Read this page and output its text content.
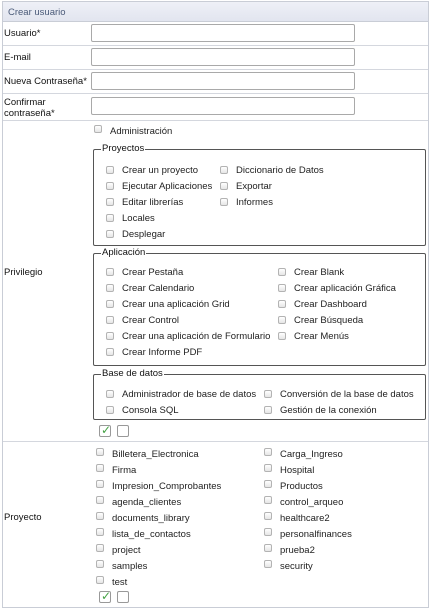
Crear usuario
Usuario*
E-mail
Nueva Contraseña*
Confirmar
contraseña*
Privilegio
Administración
Proyectos
Crear un proyecto
Ejecutar Aplicaciones
Editar librerías
Locales
Desplegar
Diccionario de Datos
Exportar
Informes
Aplicación
Crear Pestaña
Crear Calendario
Crear una aplicación Grid
Crear Control
Crear una aplicación de Formulario
Crear Informe PDF
Crear Blank
Crear aplicación Gráfica
Crear Dashboard
Crear Búsqueda
Crear Menús
Base de datos
Administrador de base de datos
Consola SQL
Conversión de la base de datos
Gestión de la conexión
✓
Proyecto
Billetera_Electronica
Firma
Impresion_Comprobantes
agenda_clientes
documents_library
lista_de_contactos
project
samples
test
Carga_Ingreso
Hospital
Productos
control_arqueo
healthcare2
personalfinances
prueba2
security
✓
